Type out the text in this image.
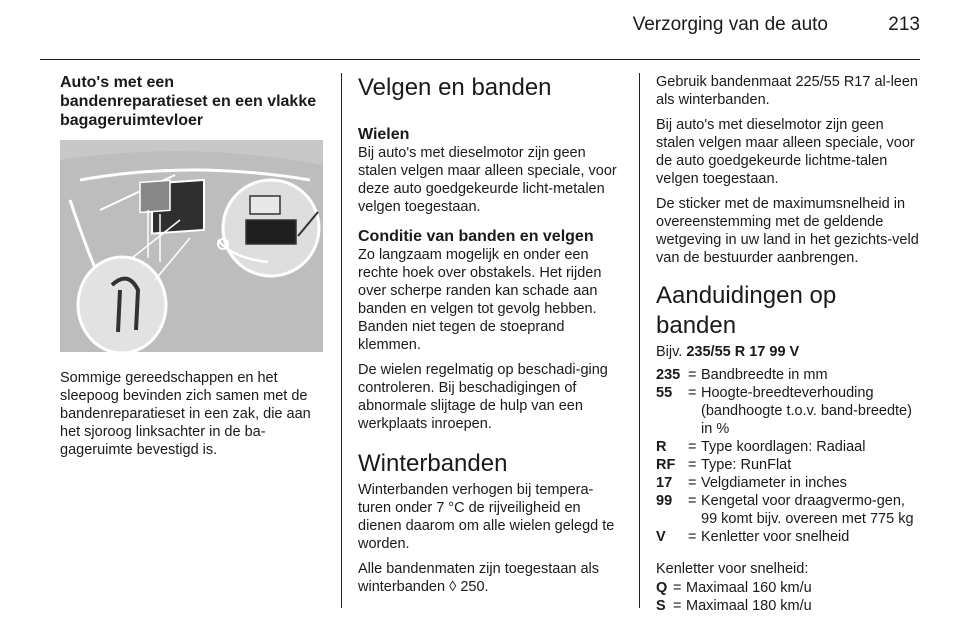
Verzorging van de auto	213
Auto's met een bandenreparatieset en een vlakke bagageruimtevloer

Sommige gereedschappen en het sleepoog bevinden zich samen met de bandenreparatieset in een zak, die aan het sjoroog linksachter in de ba-gageruimte bevestigd is.

Velgen en banden
Wielen

Bij auto's met dieselmotor zijn geen stalen velgen maar alleen speciale, voor deze auto goedgekeurde licht-metalen velgen toegestaan.

Conditie van banden en velgen

Zo langzaam mogelijk en onder een rechte hoek over obstakels. Het rijden over scherpe randen kan schade aan banden en velgen tot gevolg hebben. Banden niet tegen de stoeprand klemmen.

De wielen regelmatig op beschadi-ging controleren. Bij beschadigingen of abnormale slijtage de hulp van een werkplaats inroepen.

Winterbanden

Winterbanden verhogen bij tempera-turen onder 7 °C de rijveiligheid en dienen daarom om alle wielen gelegd te worden.

Alle bandenmaten zijn toegestaan als winterbanden ◊ 250.

Gebruik bandenmaat 225/55 R17 al-leen als winterbanden.

Bij auto's met dieselmotor zijn geen stalen velgen maar alleen speciale, voor de auto goedgekeurde lichtme-talen velgen toegestaan.

De sticker met de maximumsnelheid in overeenstemming met de geldende wetgeving in uw land in het gezichts-veld van de bestuurder aanbrengen.

Aanduidingen op banden

Bijv. 235/55 R 17 99 V

235	=	Bandbreedte in mm
55	=	Hoogte-breedteverhouding (bandhoogte t.o.v. band-breedte) in %
R	=	Type koordlagen: Radiaal
RF	=	Type: RunFlat
17	=	Velgdiameter in inches
99	=	Kengetal voor draagvermo-gen, 99 komt bijv. overeen met 775 kg
V	=	Kenletter voor snelheid

Kenletter voor snelheid:

Q	=	Maximaal 160 km/u
S	=	Maximaal 180 km/u
